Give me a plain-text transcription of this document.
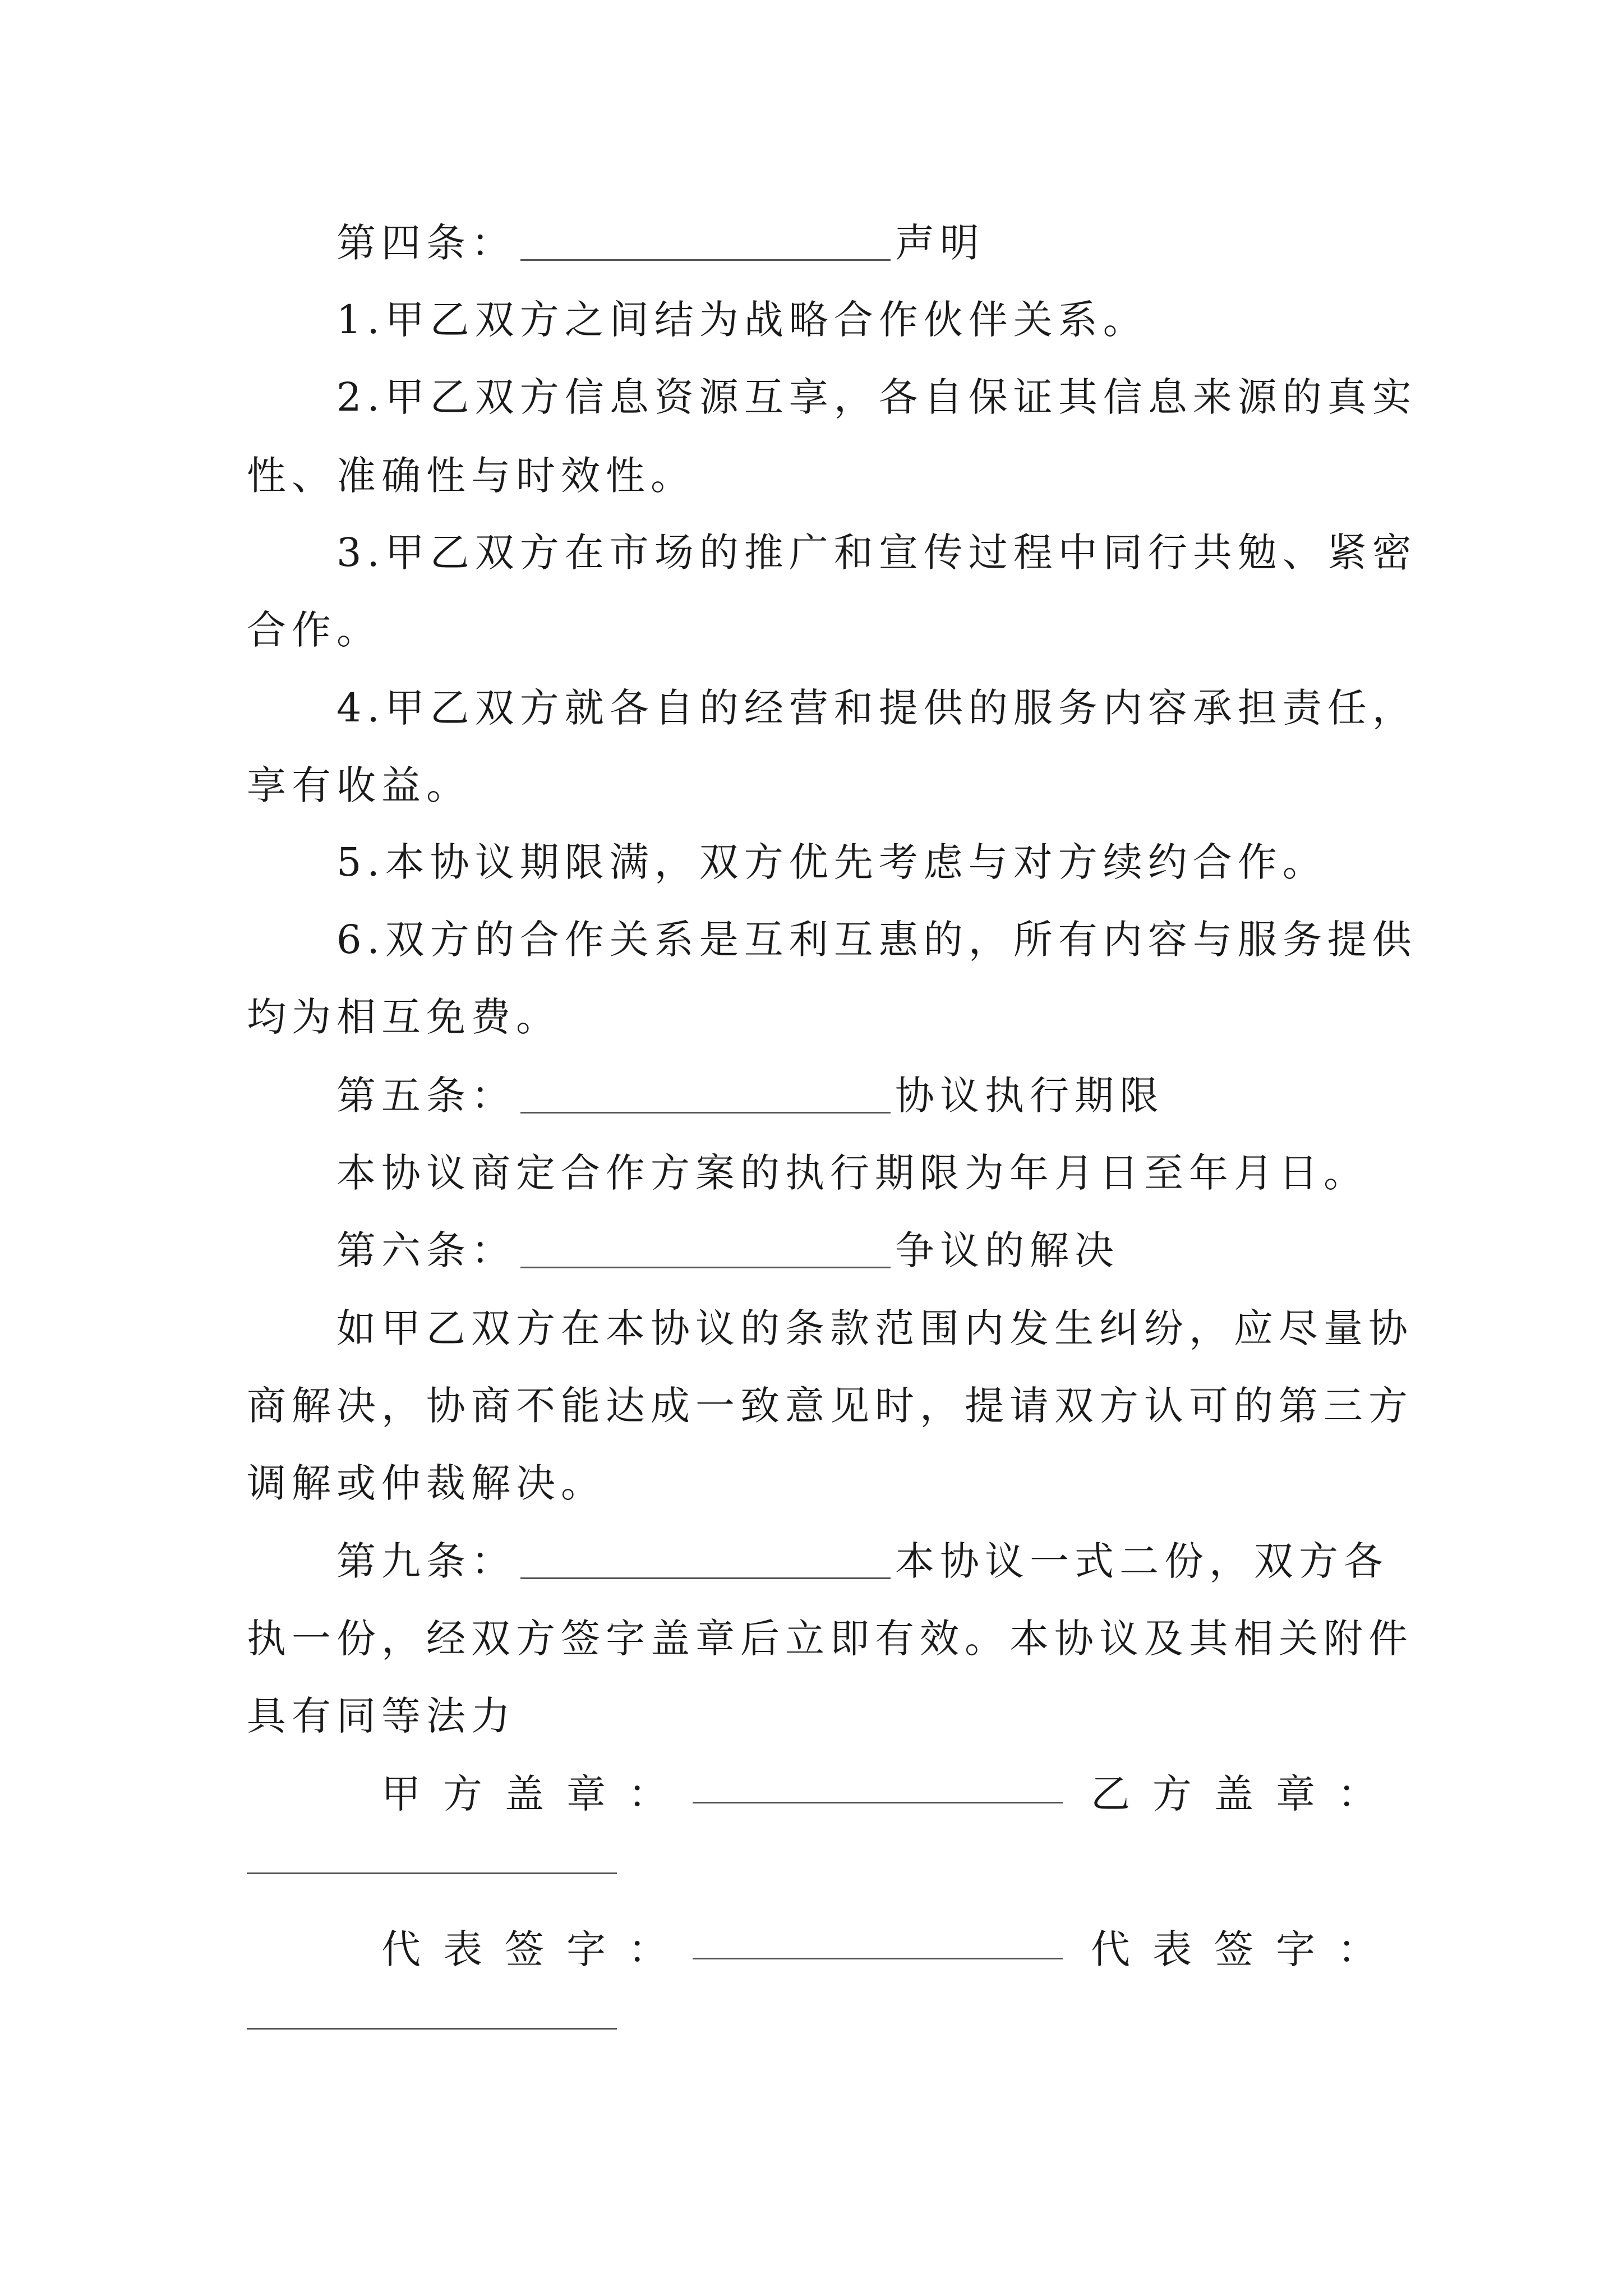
第四条：	声明
1.甲乙双方之间结为战略合作伙伴关系。
2.甲乙双方信息资源互享，各自保证其信息来源的真实
性、准确性与时效性。
3.甲乙双方在市场的推广和宣传过程中同行共勉、紧密
合作。
4.甲乙双方就各自的经营和提供的服务内容承担责任，
享有收益。
5.本协议期限满，双方优先考虑与对方续约合作。
6.双方的合作关系是互利互惠的，所有内容与服务提供
均为相互免费。
第五条：	协议执行期限
本协议商定合作方案的执行期限为年月日至年月日。
第六条：	争议的解决
如甲乙双方在本协议的条款范围内发生纠纷，应尽量协
商解决，协商不能达成一致意见时，提请双方认可的第三方
调解或仲裁解决。
第九条：	本协议一式二份，双方各
执一份，经双方签字盖章后立即有效。本协议及其相关附件
具有同等法力
甲方盖章：	乙方盖章：
代表签字：	代表签字：
